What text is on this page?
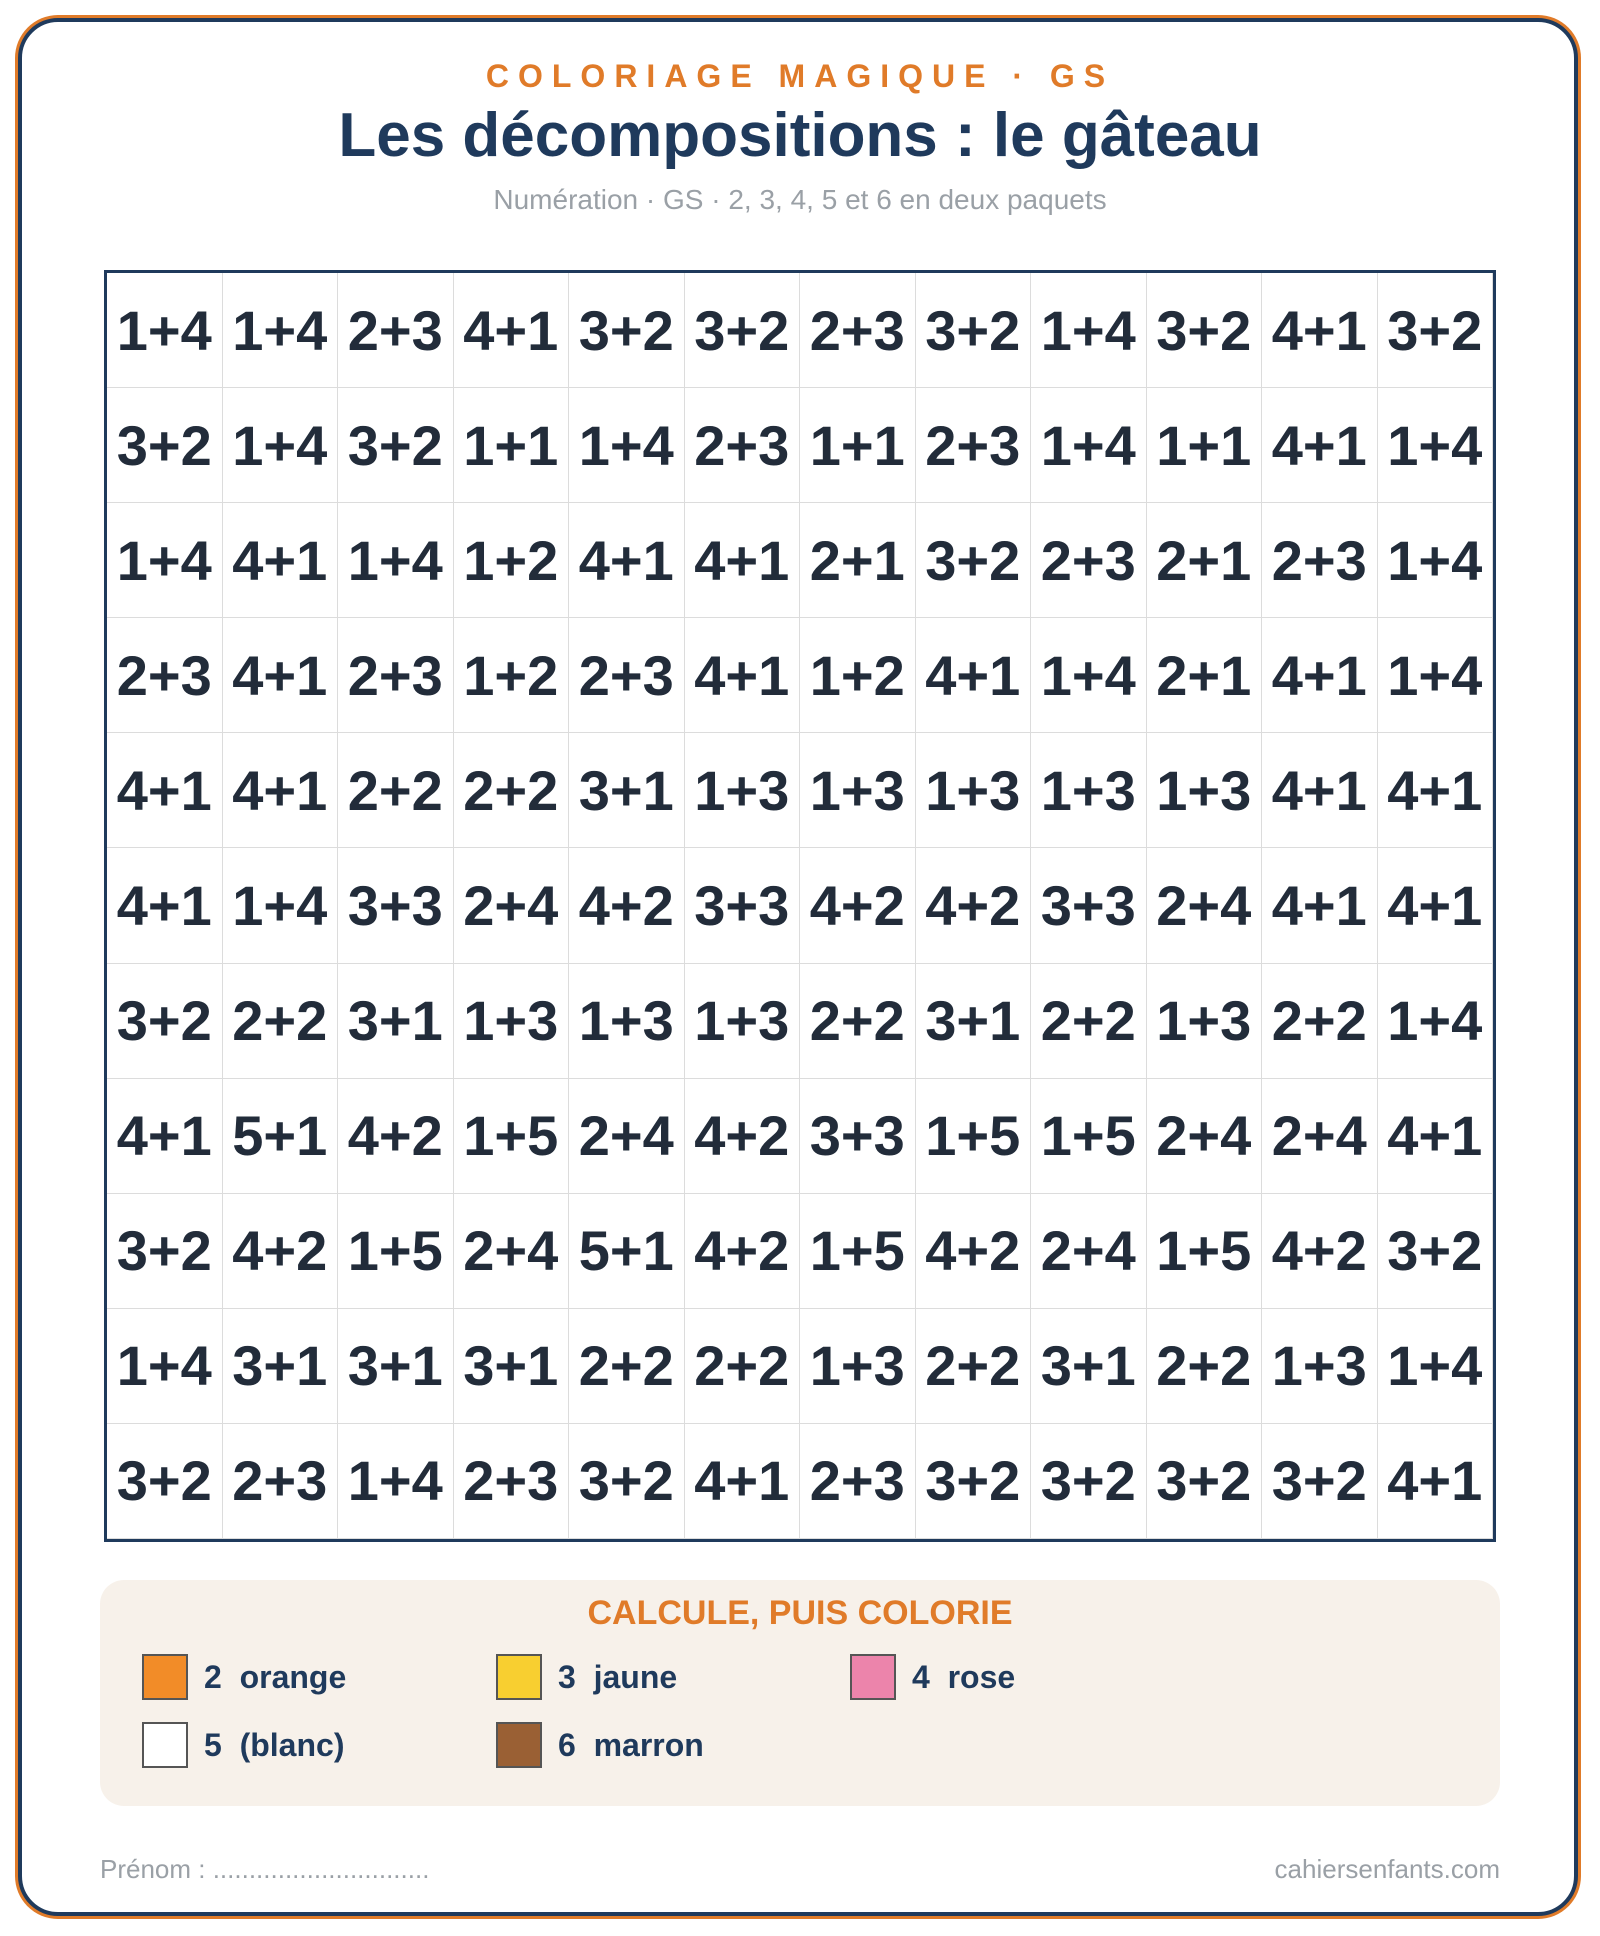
COLORIAGE MAGIQUE · GS
Les décompositions : le gâteau
Numération · GS · 2, 3, 4, 5 et 6 en deux paquets
1+4 1+4 2+3 4+1 3+2 3+2 2+3 3+2 1+4 3+2 4+1 3+2
3+2 1+4 3+2 1+1 1+4 2+3 1+1 2+3 1+4 1+1 4+1 1+4
1+4 4+1 1+4 1+2 4+1 4+1 2+1 3+2 2+3 2+1 2+3 1+4
2+3 4+1 2+3 1+2 2+3 4+1 1+2 4+1 1+4 2+1 4+1 1+4
4+1 4+1 2+2 2+2 3+1 1+3 1+3 1+3 1+3 1+3 4+1 4+1
4+1 1+4 3+3 2+4 4+2 3+3 4+2 4+2 3+3 2+4 4+1 4+1
3+2 2+2 3+1 1+3 1+3 1+3 2+2 3+1 2+2 1+3 2+2 1+4
4+1 5+1 4+2 1+5 2+4 4+2 3+3 1+5 1+5 2+4 2+4 4+1
3+2 4+2 1+5 2+4 5+1 4+2 1+5 4+2 2+4 1+5 4+2 3+2
1+4 3+1 3+1 3+1 2+2 2+2 1+3 2+2 3+1 2+2 1+3 1+4
3+2 2+3 1+4 2+3 3+2 4+1 2+3 3+2 3+2 3+2 3+2 4+1
CALCULE, PUIS COLORIE
2  orange	3  jaune	4  rose
5  (blanc)	6  marron
Prénom : ..............................	cahiersenfants.com
